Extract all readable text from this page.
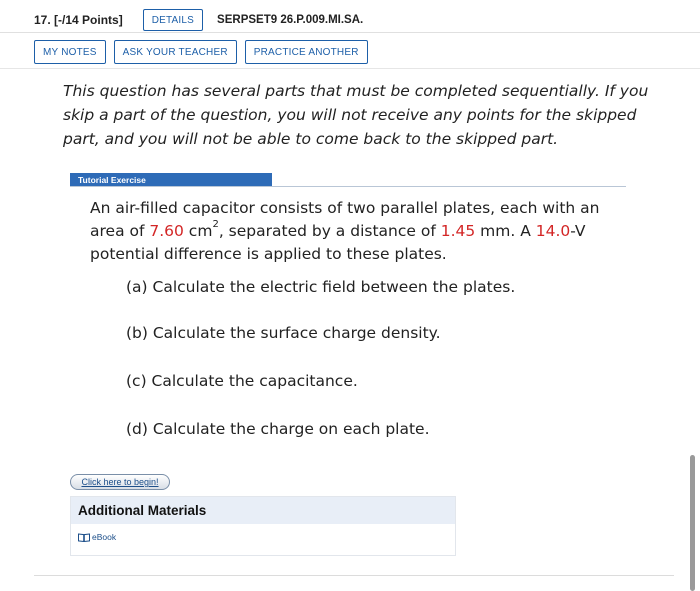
17. [-/14 Points]	DETAILS	SERPSET9 26.P.009.MI.SA.
MY NOTES	ASK YOUR TEACHER	PRACTICE ANOTHER
This question has several parts that must be completed sequentially. If you skip a part of the question, you will not receive any points for the skipped part, and you will not be able to come back to the skipped part.
Tutorial Exercise
An air-filled capacitor consists of two parallel plates, each with an area of 7.60 $cm^2$, separated by a distance of 1.45 mm. A 14.0-V potential difference is applied to these plates.
(a) Calculate the electric field between the plates.
(b) Calculate the surface charge density.
(c) Calculate the capacitance.
(d) Calculate the charge on each plate.
Click here to begin!
Additional Materials
eBook
